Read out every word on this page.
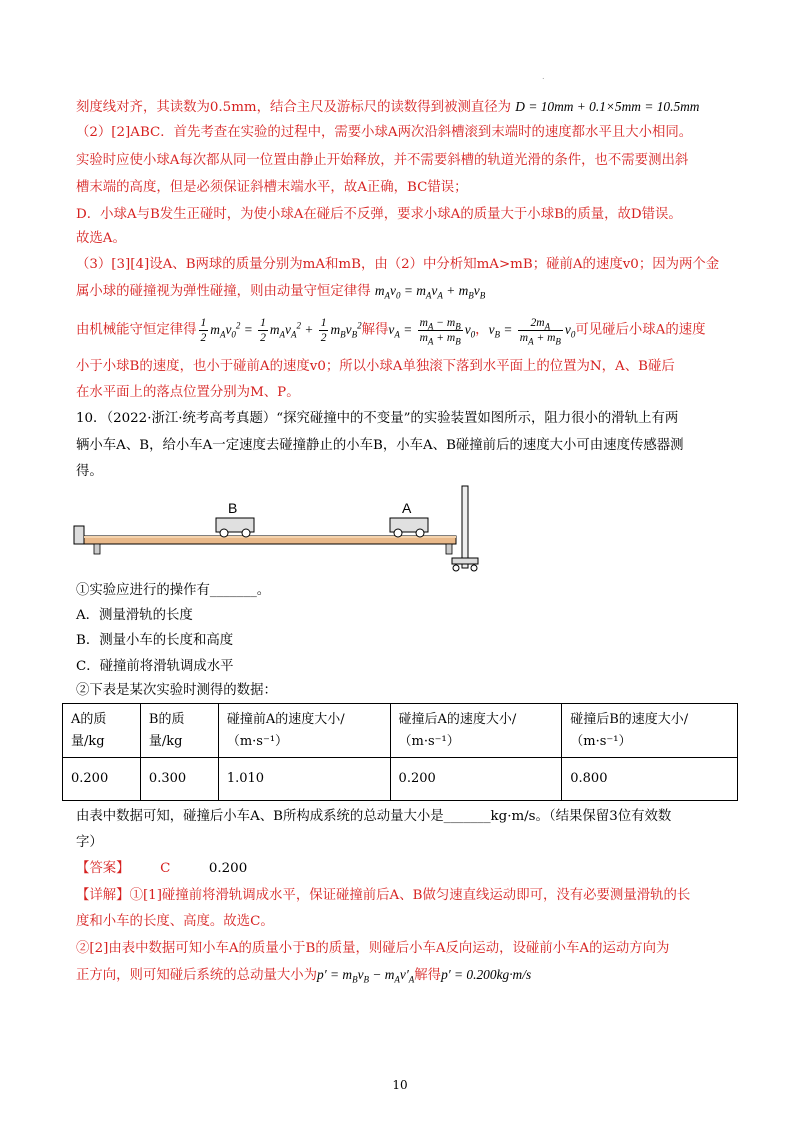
.
刻度线对齐，其读数为0.5mm，结合主尺及游标尺的读数得到被测直径为 D = 10mm + 0.1×5mm = 10.5mm
（2）[2]ABC．首先考查在实验的过程中，需要小球A两次沿斜槽滚到末端时的速度都水平且大小相同。
实验时应使小球A每次都从同一位置由静止开始释放，并不需要斜槽的轨道光滑的条件，也不需要测出斜
槽末端的高度，但是必须保证斜槽末端水平，故A正确，BC错误；
D．小球A与B发生正碰时，为使小球A在碰后不反弹，要求小球A的质量大于小球B的质量，故D错误。
故选A。
（3）[3][4]设A、B两球的质量分别为mA和mB，由（2）中分析知mA>mB；碰前A的速度v0；因为两个金
属小球的碰撞视为弹性碰撞，则由动量守恒定律得 $m_Av_0 = m_Av_A + m_Bv_B$
由机械能守恒定律得 $\frac{1}{2} m_Av_0^2 = \frac{1}{2} m_Av_A^2 + \frac{1}{2} m_Bv_B^2$解得$v_A = \frac{m_A - m_B}{m_A + m_B} v_0$，$v_B = \frac{2m_A}{m_A + m_B} v_0$可见碰后小球A的速度
小于小球B的速度，也小于碰前A的速度v0；所以小球A单独滚下落到水平面上的位置为N，A、B碰后
在水平面上的落点位置分别为M、P。
10．（2022·浙江·统考高考真题）“探究碰撞中的不变量”的实验装置如图所示，阻力很小的滑轨上有两
辆小车A、B，给小车A一定速度去碰撞静止的小车B，小车A、B碰撞前后的速度大小可由速度传感器测
得。
B	A
①实验应进行的操作有_______。
A．测量滑轨的长度
B．测量小车的长度和高度
C．碰撞前将滑轨调成水平
②下表是某次实验时测得的数据：
A的质量/kg	B的质量/kg	碰撞前A的速度大小/（m·s⁻¹）	碰撞后A的速度大小/（m·s⁻¹）	碰撞后B的速度大小/（m·s⁻¹）
0.200	0.300	1.010	0.200	0.800
由表中数据可知，碰撞后小车A、B所构成系统的总动量大小是_______kg·m/s。（结果保留3位有效数
字）
【答案】 C	0.200
【详解】①[1]碰撞前将滑轨调成水平，保证碰撞前后A、B做匀速直线运动即可，没有必要测量滑轨的长
度和小车的长度、高度。故选C。
②[2]由表中数据可知小车A的质量小于B的质量，则碰后小车A反向运动，设碰前小车A的运动方向为
正方向，则可知碰后系统的总动量大小为$p' = m_Bv_B - m_Av'_A$解得p′ = 0.200kg·m/s
10
